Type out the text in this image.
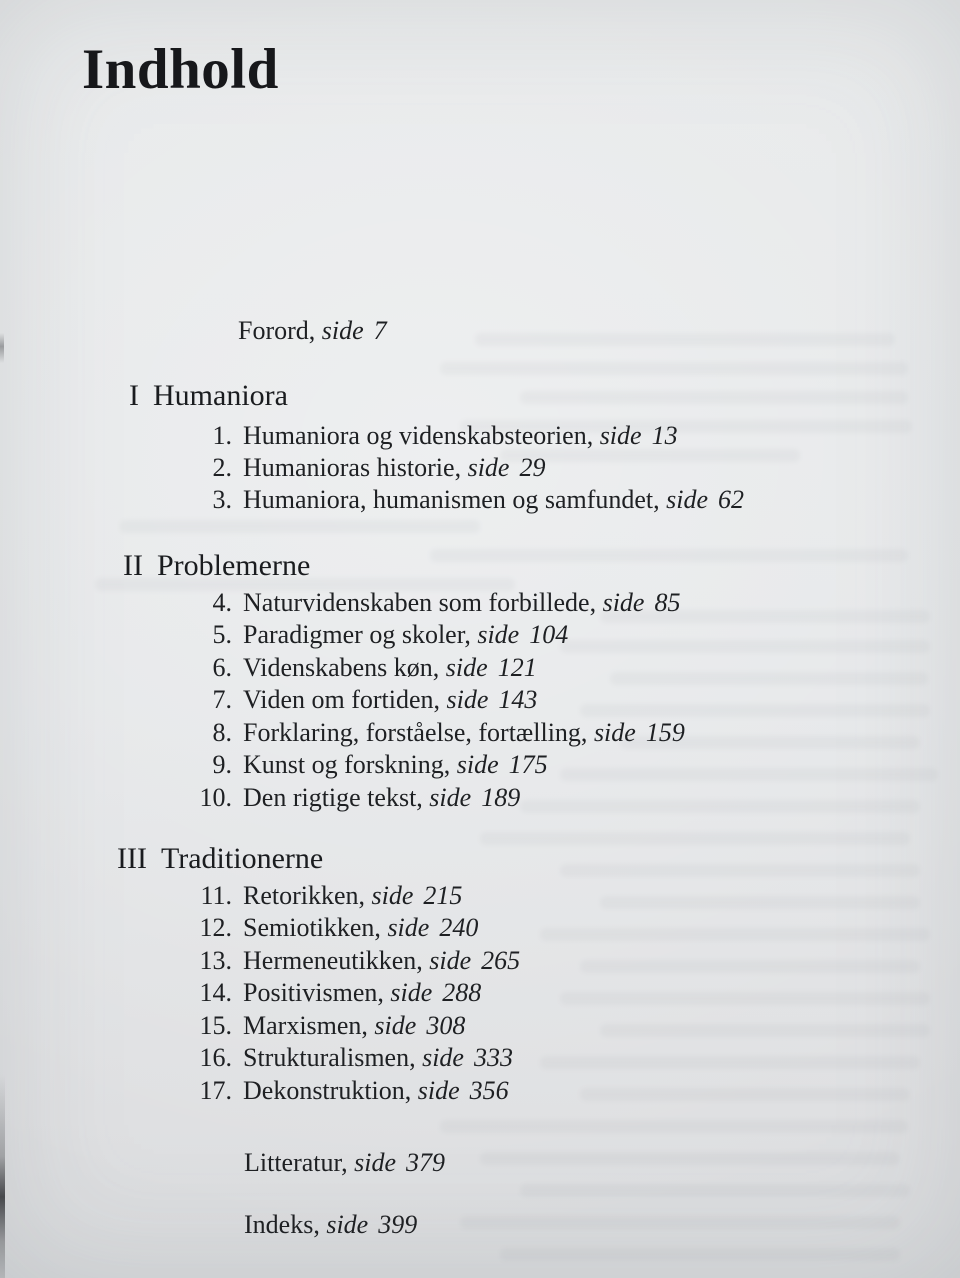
Indhold
Forord, side 7
I Humaniora
1. Humaniora og videnskabsteorien, side 13
2. Humanioras historie, side 29
3. Humaniora, humanismen og samfundet, side 62
II Problemerne
4. Naturvidenskaben som forbillede, side 85
5. Paradigmer og skoler, side 104
6. Videnskabens køn, side 121
7. Viden om fortiden, side 143
8. Forklaring, forståelse, fortælling, side 159
9. Kunst og forskning, side 175
10. Den rigtige tekst, side 189
III Traditionerne
11. Retorikken, side 215
12. Semiotikken, side 240
13. Hermeneutikken, side 265
14. Positivismen, side 288
15. Marxismen, side 308
16. Strukturalismen, side 333
17. Dekonstruktion, side 356
Litteratur, side 379
Indeks, side 399
